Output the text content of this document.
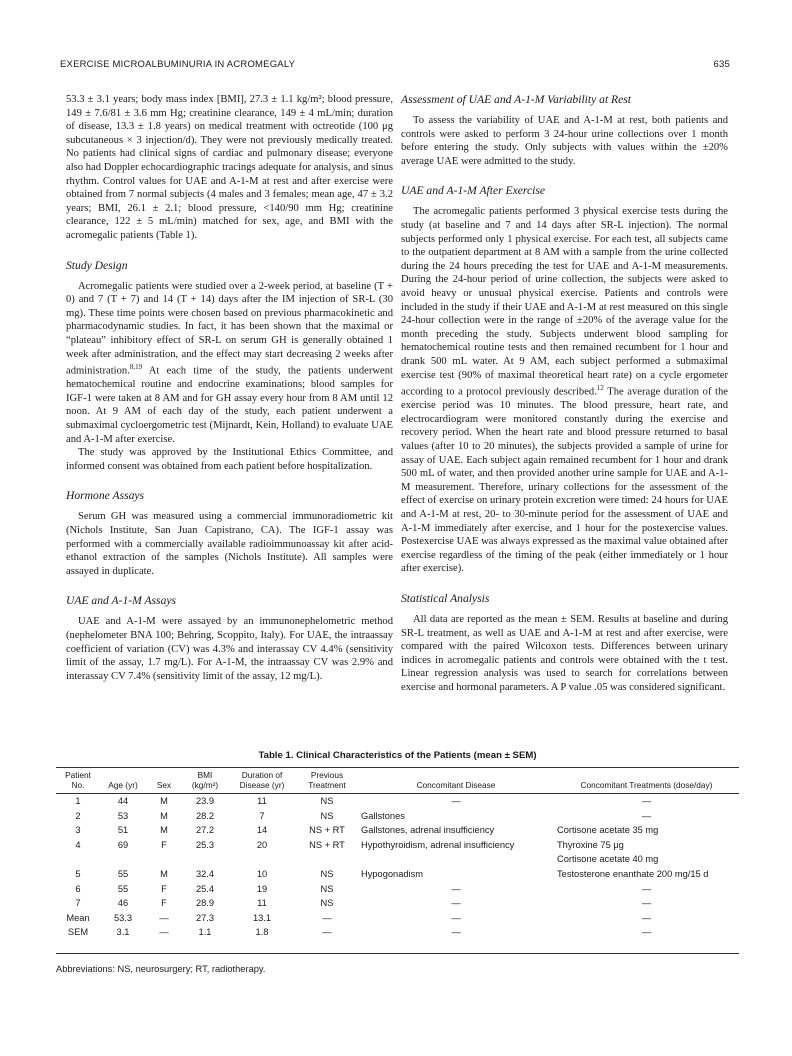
EXERCISE MICROALBUMINURIA IN ACROMEGALY	635

53.3 ± 3.1 years; body mass index [BMI], 27.3 ± 1.1 kg/m²; blood pressure, 149 ± 7.6/81 ± 3.6 mm Hg; creatinine clearance, 149 ± 4 mL/min; duration of disease, 13.3 ± 1.8 years) on medical treatment with octreotide (100 μg subcutaneous × 3 injection/d). They were not previously medically treated. No patients had clinical signs of cardiac and pulmonary disease; everyone also had Doppler echocardiographic tracings adequate for analysis, and sinus rhythm. Control values for UAE and A-1-M at rest and after exercise were obtained from 7 normal subjects (4 males and 3 females; mean age, 47 ± 3.2 years; BMI, 26.1 ± 2.1; blood pressure, <140/90 mm Hg; creatinine clearance, 122 ± 5 mL/min) matched for sex, age, and BMI with the acromegalic patients (Table 1).

Study Design

Acromegalic patients were studied over a 2-week period, at baseline (T + 0) and 7 (T + 7) and 14 (T + 14) days after the IM injection of SR-L (30 mg). These time points were chosen based on previous pharmacokinetic and pharmacodynamic studies. In fact, it has been shown that the maximal or “plateau” inhibitory effect of SR-L on serum GH is generally obtained 1 week after administration, and the effect may start decreasing 2 weeks after administration.$^{8,19}$ At each time of the study, the patients underwent hematochemical routine and endocrine examinations; blood samples for IGF-1 were taken at 8 AM and for GH assay every hour from 8 AM until 12 noon. At 9 AM of each day of the study, each patient underwent a submaximal cycloergometric test (Mijnardt, Kein, Holland) to evaluate UAE and A-1-M after exercise.

The study was approved by the Institutional Ethics Committee, and informed consent was obtained from each patient before hospitalization.

Hormone Assays

Serum GH was measured using a commercial immunoradiometric kit (Nichols Institute, San Juan Capistrano, CA). The IGF-1 assay was performed with a commercially available radioimmunoassay kit after acid-ethanol extraction of the samples (Nichols Institute). All samples were assayed in duplicate.

UAE and A-1-M Assays

UAE and A-1-M were assayed by an immunonephelometric method (nephelometer BNA 100; Behring, Scoppito, Italy). For UAE, the intraassay coefficient of variation (CV) was 4.3% and interassay CV 4.4% (sensitivity limit of the assay, 1.7 mg/L). For A-1-M, the intraassay CV was 2.9% and interassay CV 7.4% (sensitivity limit of the assay, 12 mg/L).

Assessment of UAE and A-1-M Variability at Rest

To assess the variability of UAE and A-1-M at rest, both patients and controls were asked to perform 3 24-hour urine collections over 1 month before entering the study. Only subjects with values within the ±20% average UAE were admitted to the study.

UAE and A-1-M After Exercise

The acromegalic patients performed 3 physical exercise tests during the study (at baseline and 7 and 14 days after SR-L injection). The normal subjects performed only 1 physical exercise. For each test, all subjects came to the outpatient department at 8 AM with a sample from the urine collected during the 24 hours preceding the test for UAE and A-1-M measurements. During the 24-hour period of urine collection, the subjects were asked to avoid heavy or unusual physical exercise. Patients and controls were included in the study if their UAE and A-1-M at rest measured on this single 24-hour collection were in the range of ±20% of the average value for the month preceding the study. Subjects underwent blood sampling for hematochemical routine tests and then remained recumbent for 1 hour and drank 500 mL water. At 9 AM, each subject performed a submaximal exercise test (90% of maximal theoretical heart rate) on a cycle ergometer according to a protocol previously described.$^{12}$ The average duration of the exercise period was 10 minutes. The blood pressure, heart rate, and electrocardiogram were monitored constantly during the exercise and recovery period. When the heart rate and blood pressure returned to basal values (after 10 to 20 minutes), the subjects provided a sample of urine for assay of UAE. Each subject again remained recumbent for 1 hour and drank 500 mL of water, and then provided another urine sample for UAE and A-1-M measurement. Therefore, urinary collections for the assessment of the effect of exercise on urinary protein excretion were timed: 24 hours for UAE and A-1-M at rest, 20- to 30-minute period for the assessment of UAE and A-1-M immediately after exercise, and 1 hour for the postexercise values. Postexercise UAE was always expressed as the maximal value obtained after exercise regardless of the timing of the peak (either immediately or 1 hour after exercise).

Statistical Analysis

All data are reported as the mean ± SEM. Results at baseline and during SR-L treatment, as well as UAE and A-1-M at rest and after exercise, were compared with the paired Wilcoxon tests. Differences between urinary indices in acromegalic patients and controls were obtained with the t test. Linear regression analysis was used to search for correlations between exercise and hormonal parameters. A P value .05 was considered significant.

Table 1. Clinical Characteristics of the Patients (mean ± SEM)
Patient No.	Age (yr)	Sex	BMI (kg/m²)	Duration of Disease (yr)	Previous Treatment	Concomitant Disease	Concomitant Treatments (dose/day)
1	44	M	23.9	11	NS	—	—
2	53	M	28.2	7	NS	Gallstones	—
3	51	M	27.2	14	NS + RT	Gallstones, adrenal insufficiency	Cortisone acetate 35 mg
4	69	F	25.3	20	NS + RT	Hypothyroidism, adrenal insufficiency	Thyroxine 75 μg
							Cortisone acetate 40 mg
5	55	M	32.4	10	NS	Hypogonadism	Testosterone enanthate 200 mg/15 d
6	55	F	25.4	19	NS	—	—
7	46	F	28.9	11	NS	—	—
Mean	53.3	—	27.3	13.1	—	—	—
SEM	3.1	—	1.1	1.8	—	—	—
Abbreviations: NS, neurosurgery; RT, radiotherapy.
